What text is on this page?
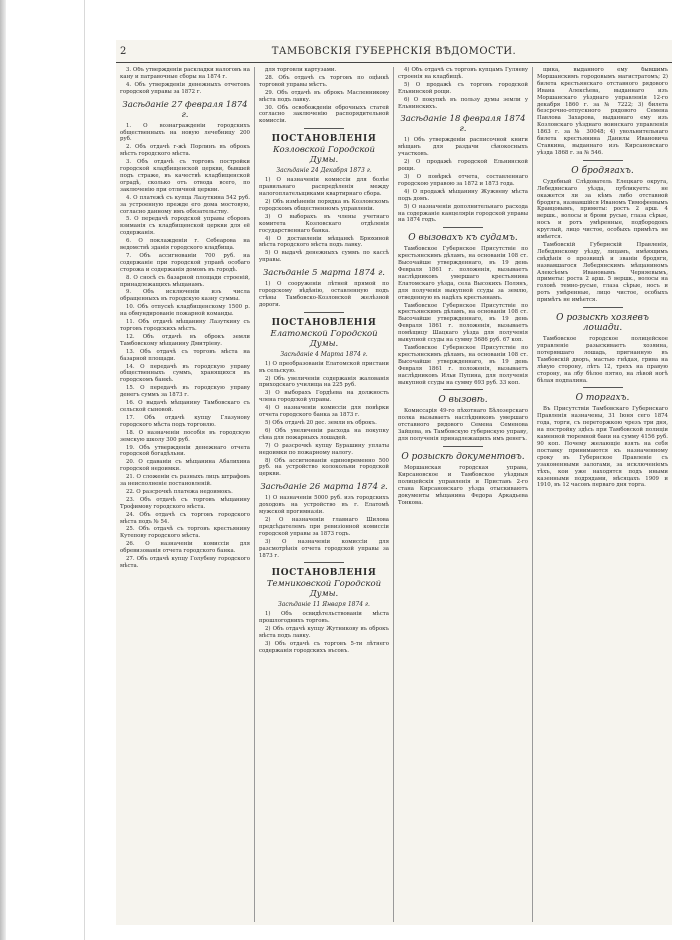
2	ТАМБОВСКІЯ ГУБЕРНСКІЯ ВѢДОМОСТИ.

3. Объ утвержденіи раскладки налоговъ на кану и патравочные сборы на 1874 г.

4. Объ утвержденіи денежныхъ отчетовъ городской управы за 1872 г.

Засѣданіе 27 февраля 1874 г.

1. О вознагражденіи городскихъ общественныхъ на новую лечебницу 200 руб.

2. Объ отдачѣ г-жѣ Порлинъ въ оброкъ мѣстъ городского мѣста.

3. Объ отдачѣ съ торговъ постройки городской кладбищенской церкви, бывшей подъ страже, въ качествѣ кладбищенской оградѣ, сколько отъ отвода всего, по заключенію при отличной церкви.

4. О платежѣ съ купца Лазуткина 542 руб. за устроенную прежде его дома мостовую, согласно данному имъ обязательству.

5. О передачѣ городской управы сборовъ взиманія съ кладбищенской церкви для её содержанія.

6. О поклажденіи г. Себеарова на ведомствѣ зданія городского кладбища.

7. Объ ассигнованіи 700 руб. на содержаніе при городской управѣ особаго сторожа и содержанія домовъ въ городѣ.

8. О сносѣ съ базарной площади строеній, принадлежащихъ мѣщанамъ.

9. Объ исключеніи изъ числа обращенныхъ въ городскую казну суммы.

10. Объ отпускѣ кладбищенскому 1500 р. на обмундированіе пожарной команды.

11. Объ отдачѣ мѣщанину Лазуткину съ торговъ городскихъ мѣстъ.

12. Объ отдачѣ въ оброкъ земли Тамбовскому мѣщанину Дмитріеву.

13. Объ отдачѣ съ торговъ мѣста на базарной площади.

14. О передачѣ въ городскую управу общественныхъ суммъ, хранящихся въ городскомъ банкѣ.

15. О передачѣ въ городскую управу денегъ суммъ за 1873 г.

16. О выдачѣ мѣщанину Тамбовскаго съ сельской сыновой.

17. Объ отдачѣ купцу Глазунову городского мѣста подъ торговлю.

18. О назначеніи пособія въ городскую земскую школу 300 руб.

19. Объ утвержденіи денежнаго отчета городской богадѣльни.

20. О сдаваніи съ мѣщанина Абалихина городской недоимки.

21. О сложеніи съ разныхъ лицъ штрафовъ за неисполненіе постановленій.

22. О разсрочкѣ платежа недоимокъ.

23. Объ отдачѣ съ торговъ мѣщанину Трофимову городского мѣста.

24. Объ отдачѣ съ торговъ городского мѣста подъ № 54.

25. Объ отдачѣ съ торговъ крестьянину Кутепову городского мѣста.

26. О назначеніи комиссіи для обревизованія отчета городского банка.

27. Объ отдачѣ купцу Голубеву городского мѣста.

для торговли картузами.

28. Объ отдачѣ съ торговъ по оцѣнкѣ торговой управы мѣстъ.

29. Объ отдачѣ въ оброкъ Масленникову мѣста подъ лавку.

30. Объ освобожденіи оброчныхъ статей согласно заключенію распорядительной комиссіи.

ПОСТАНОВЛЕНІЯ
Козловской Городской Думы.
Засѣданіе 24 Декабря 1873 г.

1) О назначеніи комиссіи для болѣе правильнаго распредѣленія между налогоплательщиками квартирнаго сбора.

2) Объ измѣненіи порядка въ Козловскомъ городскомъ общественномъ управленіи.

3) О выборахъ въ члены учетнаго комитета Козловскаго отдѣленія государственнаго банка.

4) О доставленіи мѣщанкѣ Брюхиной мѣста городского мѣста подъ лавку.

5) О выдачѣ денежныхъ суммъ по кассѣ управы.

Засѣданіе 5 марта 1874 г.

1) О сооруженіи лѣтней прямой по городскому вѣдѣнію, оставленную подъ стѣны Тамбовско-Козловской желѣзной дороги.

ПОСТАНОВЛЕНІЯ
Елатомской Городской Думы.
Засѣданіе 4 Марта 1874 г.

1) О преобразованіи Елатомской пристани въ сельскую.

2) Объ увеличеніи содержанія жалованія приходскаго училища на 225 руб.

3) О выборахъ Гордѣева на должность члена городской управы.

4) О назначеніи комиссіи для повѣрки отчета городского банка за 1873 г.

5) Объ отдачѣ 20 дес. земли въ оброкъ.

6) Объ увеличеніи расхода на покупку сѣна для пожарныхъ лошадей.

7) О разсрочкѣ купцу Бурашину уплаты недоимки по пожарному налогу.

8) Объ ассигнованіи единовременно 500 руб. на устройство колокольни городской церкви.

Засѣданіе 26 марта 1874 г.

1) О назначеніи 5000 руб. изъ городскихъ доходовъ на устройство въ г. Елатомѣ мужской прогимназіи.

2) О назначеніи главнаго Шилова предсѣдателемъ при ревизіонной комиссіи городской управы за 1873 годъ.

3) О назначеніи комиссіи для разсмотрѣнія отчета городской управы за 1873 г.

ПОСТАНОВЛЕНІЯ
Темниковской Городской Думы.
Засѣданіе 11 Января 1874 г.

1) Объ освидѣтельствованіи мѣста прошлогоднихъ торговъ.

2) Объ отдачѣ купцу Жутникову въ оброкъ мѣста подъ лавку.

3) Объ отдачѣ съ торговъ 5-ти лѣтнего содержанія городскихъ въсовъ.

4) Объ отдачѣ съ торговъ купцамъ Гуляеву строенія на кладбищѣ.

5) О продажѣ съ торговъ городской Ельнинской рощи.

6) О покупкѣ въ пользу думы земли у Ельнинскихъ.

Засѣданіе 18 февраля 1874 г.

1) Объ утвержденіи расписочной книги мѣщанъ для раздачи сѣнокосныхъ участковъ.

2) О продажѣ городской Ельнинской рощи.

3) О повѣркѣ отчета, составленнаго городскою управою за 1872 и 1873 года.

4) О продажѣ мѣщанину Жужневу мѣста подъ домъ.

5) О назначеніи дополнительнаго расхода на содержаніе канцеляріи городской управы на 1874 годъ.

О вызовахъ къ судамъ.

Тамбовское Губернское Присутствіе по крестьянскимъ дѣламъ, на основаніи 108 ст. Высочайше утвержденнаго, въ 19 день Февраля 1861 г. положенія, вызываетъ наслѣдниковъ умершаго крестьянина Елатомскаго уѣзда, села Высокихъ Полянъ, для полученія выкупной ссуды за землю, отведенную въ надѣлъ крестьянамъ.

Тамбовское Губернское Присутствіе по крестьянскимъ дѣламъ, на основаніи 108 ст. Высочайше утвержденнаго, въ 19 день Февраля 1861 г. положенія, вызываетъ помѣщицу Шацкаго уѣзда для полученія выкупной ссуды на сумму 5686 руб. 67 коп.

Тамбовское Губернское Присутствіе по крестьянскимъ дѣламъ, на основаніи 108 ст. Высочайше утвержденнаго, въ 19 день Февраля 1861 г. положенія, вызываетъ наслѣдниковъ Ильи Пупина, для полученія выкупной ссуды на сумму 693 руб. 33 коп.

О вызовѣ.

Комиссарія 49-го пѣхотнаго Бѣлозерскаго полка вызываетъ наслѣдниковъ умершаго отставного рядового Семена Семенова Зайцева, въ Тамбовскую губернскую управу, для полученія принадлежащихъ имъ денегъ.

О розыскѣ документовъ.

Моршанская городская управа, Кирсановское и Тамбовское уѣздныя полицейскія управленія и Приставъ 2-го стана Кирсановскаго уѣзда отыскиваютъ документы мѣщанина Федора Аркадьева Тонкова.

щика, выданного ему бывшимъ Моршанскимъ городовымъ магистратомъ; 2) билета крестьянскаго отставного рядового Ивана Алексѣева, выданнаго изъ Моршанскаго уѣзднаго управленія 12-го декабря 1860 г. за № 7222; 3) билета безсрочно-отпускного рядового Семена Павлова Захарова, выданнаго ему изъ Козловскаго уѣзднаго воинскаго управленія 1863 г. за № 30048; 4) увольнительнаго билета крестьянина Данилы Ивановича Ставкина, выданнаго изъ Кирсановскаго уѣзда 1868 г. за № 546.

О бродягахъ.

Судебный Слѣдователь Елецкаго округа, Лебедянскаго уѣзда, публикуетъ: не окажется ли за кѣмъ либо отставной бродяга, назвавшійся Иваномъ Тимофеевымъ Кравцовымъ, приметы: ростъ 2 арш. 4 вершк., волосы и брови русые, глаза сѣрые, носъ и ротъ умѣренные, подбородокъ круглый, лицо чистое, особыхъ примѣтъ не имѣется.

Тамбовскій Губернскій Правленія, Лебедянскому уѣзду, лицамъ, имѣющимъ свѣдѣнія о прозвищѣ и званіи бродяги, назвавшагося Лебедянскимъ мѣщаниномъ Алексѣемъ Ивановымъ Черняевымъ, приметы: роста 2 арш. 5 вершк., волосы на головѣ темно-русые, глаза сѣрые, носъ и ротъ умѣренные, лицо чистое, особыхъ примѣтъ не имѣется.

О розыскѣ хозяевъ лошади.

Тамбовское городское полицейское управленіе разыскиваетъ хозяина, потерявшаго лошадь, пригнанную въ Тамбовскій дворъ, мастью гнѣдая, грива на лѣвую сторону, лѣтъ 12, трехъ на правую сторону, на лбу бѣлое пятно, на лѣвой ногѣ бѣлая подпалина.

О торгахъ.

Въ Присутствіи Тамбовскаго Губернскаго Правленія назначены, 31 Іюня сего 1874 года, торги, съ переторжкою чрезъ три дня, на постройку здѣсь при Тамбовской полиціи каменной тюремной бани на сумму 4156 руб. 90 коп. Почему желающіе взять на себя поставку принимаются къ назначенному сроку въ Губернское Правленіе съ узаконенными залогами, за исключеніемъ тѣхъ, кои уже находятся подъ иными казенными подрядами, мѣсяцахъ 1909 и 1910, въ 12 часовъ перваго дня торга.
